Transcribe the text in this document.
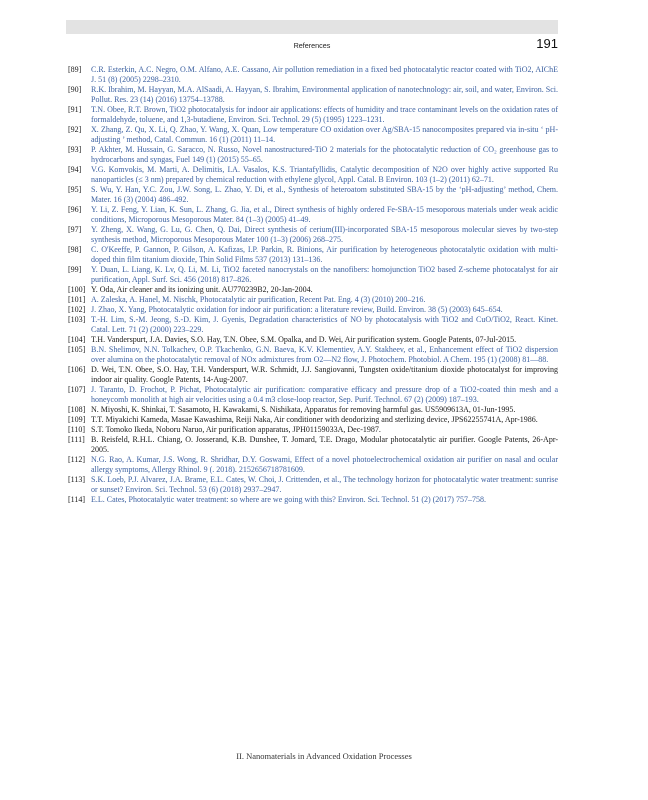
References	191
[89] C.R. Esterkin, A.C. Negro, O.M. Alfano, A.E. Cassano, Air pollution remediation in a fixed bed photocatalytic reactor coated with TiO2, AIChE J. 51 (8) (2005) 2298–2310.
[90] R.K. Ibrahim, M. Hayyan, M.A. AlSaadi, A. Hayyan, S. Ibrahim, Environmental application of nanotechnology: air, soil, and water, Environ. Sci. Pollut. Res. 23 (14) (2016) 13754–13788.
[91] T.N. Obee, R.T. Brown, TiO2 photocatalysis for indoor air applications: effects of humidity and trace contaminant levels on the oxidation rates of formaldehyde, toluene, and 1,3-butadiene, Environ. Sci. Technol. 29 (5) (1995) 1223–1231.
[92] X. Zhang, Z. Qu, X. Li, Q. Zhao, Y. Wang, X. Quan, Low temperature CO oxidation over Ag/SBA-15 nanocomposites prepared via in-situ ‘ pH-adjusting ’ method, Catal. Commun. 16 (1) (2011) 11–14.
[93] P. Akhter, M. Hussain, G. Saracco, N. Russo, Novel nanostructured-TiO 2 materials for the photocatalytic reduction of CO₂ greenhouse gas to hydrocarbons and syngas, Fuel 149 (1) (2015) 55–65.
[94] V.G. Komvokis, M. Marti, A. Delimitis, I.A. Vasalos, K.S. Triantafyllidis, Catalytic decomposition of N2O over highly active supported Ru nanoparticles (≤ 3 nm) prepared by chemical reduction with ethylene glycol, Appl. Catal. B Environ. 103 (1–2) (2011) 62–71.
[95] S. Wu, Y. Han, Y.C. Zou, J.W. Song, L. Zhao, Y. Di, et al., Synthesis of heteroatom substituted SBA-15 by the ‘pH-adjusting’ method, Chem. Mater. 16 (3) (2004) 486–492.
[96] Y. Li, Z. Feng, Y. Lian, K. Sun, L. Zhang, G. Jia, et al., Direct synthesis of highly ordered Fe-SBA-15 mesoporous materials under weak acidic conditions, Microporous Mesoporous Mater. 84 (1–3) (2005) 41–49.
[97] Y. Zheng, X. Wang, G. Lu, G. Chen, Q. Dai, Direct synthesis of cerium(III)-incorporated SBA-15 mesoporous molecular sieves by two-step synthesis method, Microporous Mesoporous Mater 100 (1–3) (2006) 268–275.
[98] C. O'Keeffe, P. Gannon, P. Gilson, A. Kafizas, I.P. Parkin, R. Binions, Air purification by heterogeneous photocatalytic oxidation with multi-doped thin film titanium dioxide, Thin Solid Films 537 (2013) 131–136.
[99] Y. Duan, L. Liang, K. Lv, Q. Li, M. Li, TiO2 faceted nanocrystals on the nanofibers: homojunction TiO2 based Z-scheme photocatalyst for air purification, Appl. Surf. Sci. 456 (2018) 817–826.
[100] Y. Oda, Air cleaner and its ionizing unit. AU770239B2, 20-Jan-2004.
[101] A. Zaleska, A. Hanel, M. Nischk, Photocatalytic air purification, Recent Pat. Eng. 4 (3) (2010) 200–216.
[102] J. Zhao, X. Yang, Photocatalytic oxidation for indoor air purification: a literature review, Build. Environ. 38 (5) (2003) 645–654.
[103] T.-H. Lim, S.-M. Jeong, S.-D. Kim, J. Gyenis, Degradation characteristics of NO by photocatalysis with TiO2 and CuO/TiO2, React. Kinet. Catal. Lett. 71 (2) (2000) 223–229.
[104] T.H. Vanderspurt, J.A. Davies, S.O. Hay, T.N. Obee, S.M. Opalka, and D. Wei, Air purification system. Google Patents, 07-Jul-2015.
[105] B.N. Shelimov, N.N. Tolkachev, O.P. Tkachenko, G.N. Baeva, K.V. Klementiev, A.Y. Stakheev, et al., Enhancement effect of TiO2 dispersion over alumina on the photocatalytic removal of NOx admixtures from O2—N2 flow, J. Photochem. Photobiol. A Chem. 195 (1) (2008) 81—88.
[106] D. Wei, T.N. Obee, S.O. Hay, T.H. Vanderspurt, W.R. Schmidt, J.J. Sangiovanni, Tungsten oxide/titanium dioxide photocatalyst for improving indoor air quality. Google Patents, 14-Aug-2007.
[107] J. Taranto, D. Frochot, P. Pichat, Photocatalytic air purification: comparative efficacy and pressure drop of a TiO2-coated thin mesh and a honeycomb monolith at high air velocities using a 0.4 m3 close-loop reactor, Sep. Purif. Technol. 67 (2) (2009) 187–193.
[108] N. Miyoshi, K. Shinkai, T. Sasamoto, H. Kawakami, S. Nishikata, Apparatus for removing harmful gas. US5909613A, 01-Jun-1995.
[109] T.T. Miyakichi Kameda, Masae Kawashima, Reiji Naka, Air conditioner with deodorizing and sterlizing device, JPS62255741A, Apr-1986.
[110] S.T. Tomoko Ikeda, Noboru Naruo, Air purification apparatus, JPH01159033A, Dec-1987.
[111] B. Reisfeld, R.H.L. Chiang, O. Josserand, K.B. Dunshee, T. Jomard, T.E. Drago, Modular photocatalytic air purifier. Google Patents, 26-Apr-2005.
[112] N.G. Rao, A. Kumar, J.S. Wong, R. Shridhar, D.Y. Goswami, Effect of a novel photoelectrochemical oxidation air purifier on nasal and ocular allergy symptoms, Allergy Rhinol. 9 (. 2018). 2152656718781609.
[113] S.K. Loeb, P.J. Alvarez, J.A. Brame, E.L. Cates, W. Choi, J. Crittenden, et al., The technology horizon for photocatalytic water treatment: sunrise or sunset? Environ. Sci. Technol. 53 (6) (2018) 2937–2947.
[114] E.L. Cates, Photocatalytic water treatment: so where are we going with this? Environ. Sci. Technol. 51 (2) (2017) 757–758.
II. Nanomaterials in Advanced Oxidation Processes
